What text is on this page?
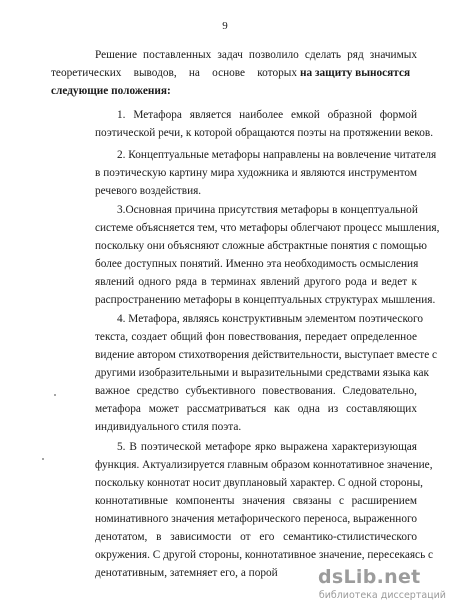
9
Решение поставленных задач позволило сделать ряд значимых
теоретических выводов, на основе которых на защиту выносятся
следующие положения:
1. Метафора является наиболее емкой образной формой
поэтической речи, к которой обращаются поэты на протяжении веков.
2. Концептуальные метафоры направлены на вовлечение читателя
в поэтическую картину мира художника и являются инструментом
речевого воздействия.
3.Основная причина присутствия метафоры в концептуальной
системе объясняется тем, что метафоры облегчают процесс мышления,
поскольку они объясняют сложные абстрактные понятия с помощью
более доступных понятий. Именно эта необходимость осмысления
явлений одного ряда в терминах явлений другого рода и ведет к
распространению метафоры в концептуальных структурах мышления.
4. Метафора, являясь конструктивным элементом поэтического
текста, создает общий фон повествования, передает определенное
видение автором стихотворения действительности, выступает вместе с
другими изобразительными и выразительными средствами языка как
важное средство субъективного повествования. Следовательно,
метафора может рассматриваться как одна из составляющих
индивидуального стиля поэта.
5. В поэтической метафоре ярко выражена характеризующая
функция. Актуализируется главным образом коннотативное значение,
поскольку коннотат носит двуплановый характер. С одной стороны,
коннотативные компоненты значения связаны с расширением
номинативного значения метафорического переноса, выраженного
денотатом, в зависимости от его семантико-стилистического
окружения. С другой стороны, коннотативное значение, пересекаясь с
денотативным, затемняет его, а порой dsLib.net
библиотека диссертаций
